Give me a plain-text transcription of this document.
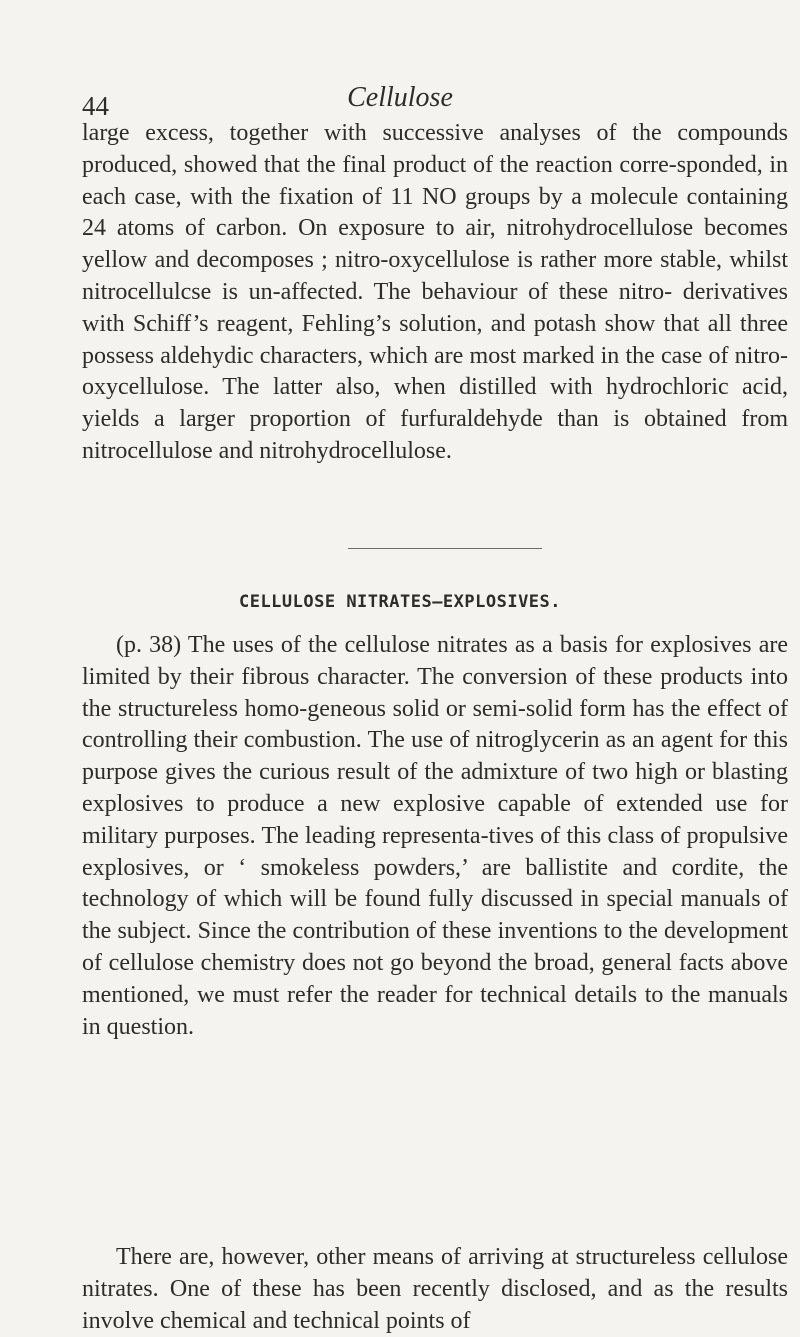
44	Cellulose

large excess, together with successive analyses of the compounds produced, showed that the final product of the reaction corre-sponded, in each case, with the fixation of 11 NO groups by a molecule containing 24 atoms of carbon. On exposure to air, nitrohydrocellulose becomes yellow and decomposes ; nitro-oxycellulose is rather more stable, whilst nitrocellulcse is un-affected. The behaviour of these nitro- derivatives with Schiff’s reagent, Fehling’s solution, and potash show that all three possess aldehydic characters, which are most marked in the case of nitro-oxycellulose. The latter also, when distilled with hydrochloric acid, yields a larger proportion of furfuraldehyde than is obtained from nitrocellulose and nitrohydrocellulose.

CELLULOSE NITRATES—EXPLOSIVES.

(p. 38) The uses of the cellulose nitrates as a basis for explosives are limited by their fibrous character. The conversion of these products into the structureless homo-geneous solid or semi-solid form has the effect of controlling their combustion. The use of nitroglycerin as an agent for this purpose gives the curious result of the admixture of two high or blasting explosives to produce a new explosive capable of extended use for military purposes. The leading representa-tives of this class of propulsive explosives, or ‘ smokeless powders,’ are ballistite and cordite, the technology of which will be found fully discussed in special manuals of the subject. Since the contribution of these inventions to the development of cellulose chemistry does not go beyond the broad, general facts above mentioned, we must refer the reader for technical details to the manuals in question.

There are, however, other means of arriving at structureless cellulose nitrates. One of these has been recently disclosed, and as the results involve chemical and technical points of
